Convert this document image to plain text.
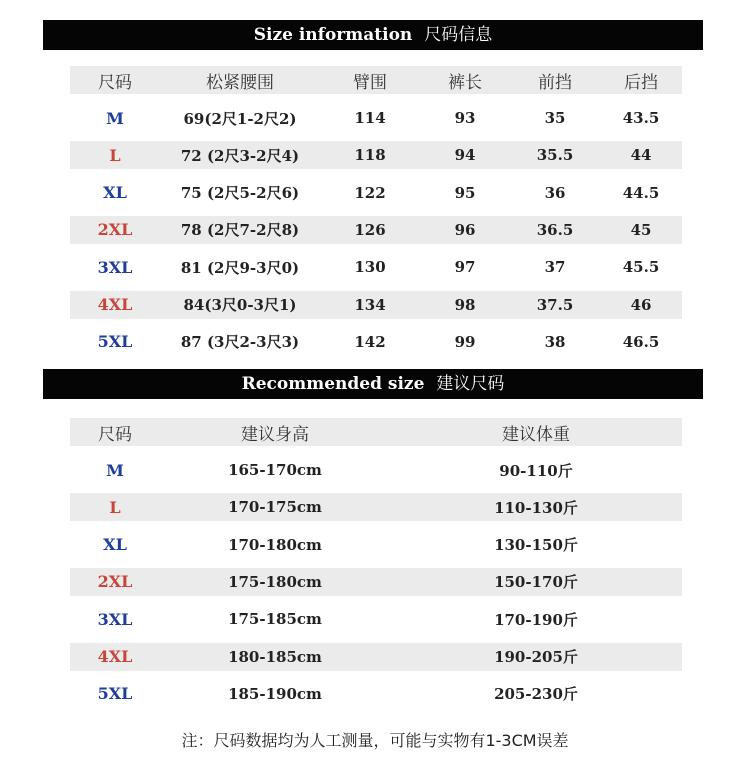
Size information 尺码信息
尺码	松紧腰围	臂围	裤长	前挡	后挡
M	69(2尺1-2尺2)	114	93	35	43.5
L	72 (2尺3-2尺4)	118	94	35.5	44
XL	75 (2尺5-2尺6)	122	95	36	44.5
2XL	78 (2尺7-2尺8)	126	96	36.5	45
3XL	81 (2尺9-3尺0)	130	97	37	45.5
4XL	84(3尺0-3尺1)	134	98	37.5	46
5XL	87 (3尺2-3尺3)	142	99	38	46.5
Recommended size 建议尺码
尺码	建议身高	建议体重
M	165-170cm	90-110斤
L	170-175cm	110-130斤
XL	170-180cm	130-150斤
2XL	175-180cm	150-170斤
3XL	175-185cm	170-190斤
4XL	180-185cm	190-205斤
5XL	185-190cm	205-230斤
注：尺码数据均为人工测量，可能与实物有1-3CM误差
